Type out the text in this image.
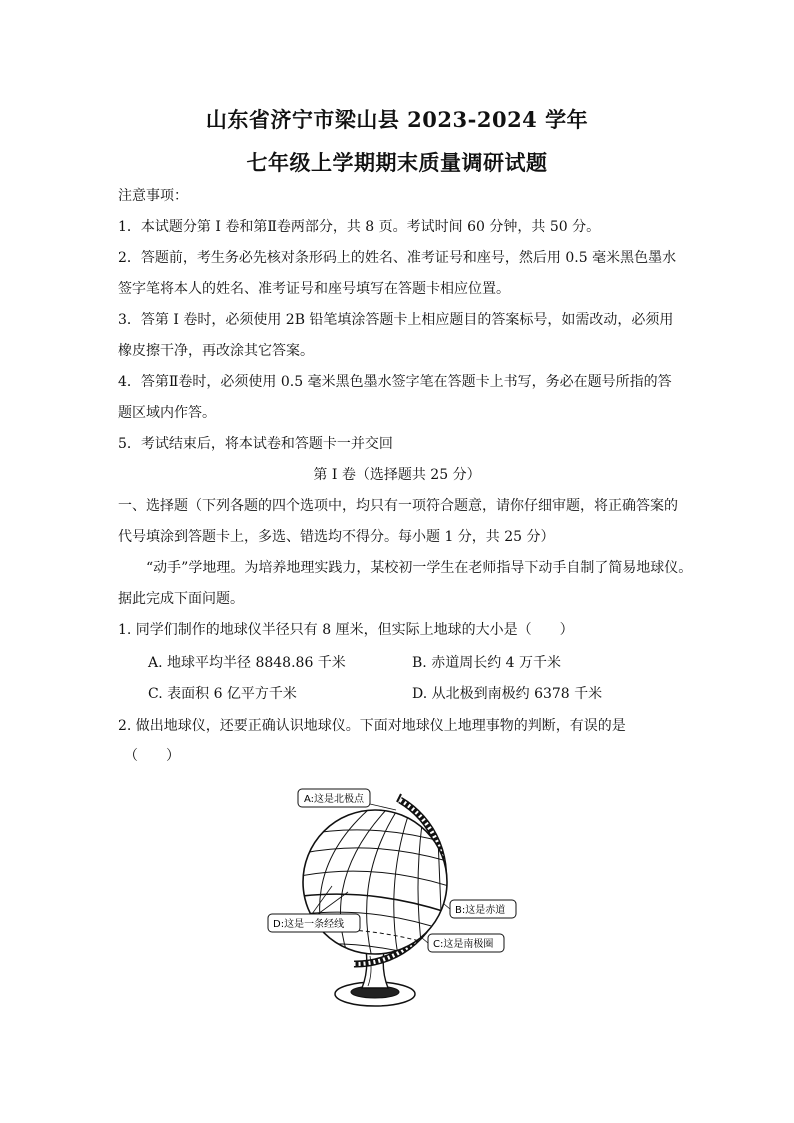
山东省济宁市梁山县 2023-2024 学年
七年级上学期期末质量调研试题
注意事项：
1．本试题分第 I 卷和第Ⅱ卷两部分，共 8 页。考试时间 60 分钟，共 50 分。
2．答题前，考生务必先核对条形码上的姓名、准考证号和座号，然后用 0.5 毫米黑色墨水
签字笔将本人的姓名、准考证号和座号填写在答题卡相应位置。
3．答第 I 卷时，必须使用 2B 铅笔填涂答题卡上相应题目的答案标号，如需改动，必须用
橡皮擦干净，再改涂其它答案。
4．答第Ⅱ卷时，必须使用 0.5 毫米黑色墨水签字笔在答题卡上书写，务必在题号所指的答
题区域内作答。
5．考试结束后，将本试卷和答题卡一并交回
第 I 卷（选择题共 25 分）
一、选择题（下列各题的四个选项中，均只有一项符合题意，请你仔细审题，将正确答案的
代号填涂到答题卡上，多选、错选均不得分。每小题 1 分，共 25 分）
“动手”学地理。为培养地理实践力，某校初一学生在老师指导下动手自制了简易地球仪。
据此完成下面问题。
1. 同学们制作的地球仪半径只有 8 厘米，但实际上地球的大小是（　　）
A. 地球平均半径 8848.86 千米	B. 赤道周长约 4 万千米
C. 表面积 6 亿平方千米	D. 从北极到南极约 6378 千米
2. 做出地球仪，还要正确认识地球仪。下面对地球仪上地理事物的判断，有误的是
（　　）
A:这是北极点
B:这是赤道
C:这是南极圈
D:这是一条经线
